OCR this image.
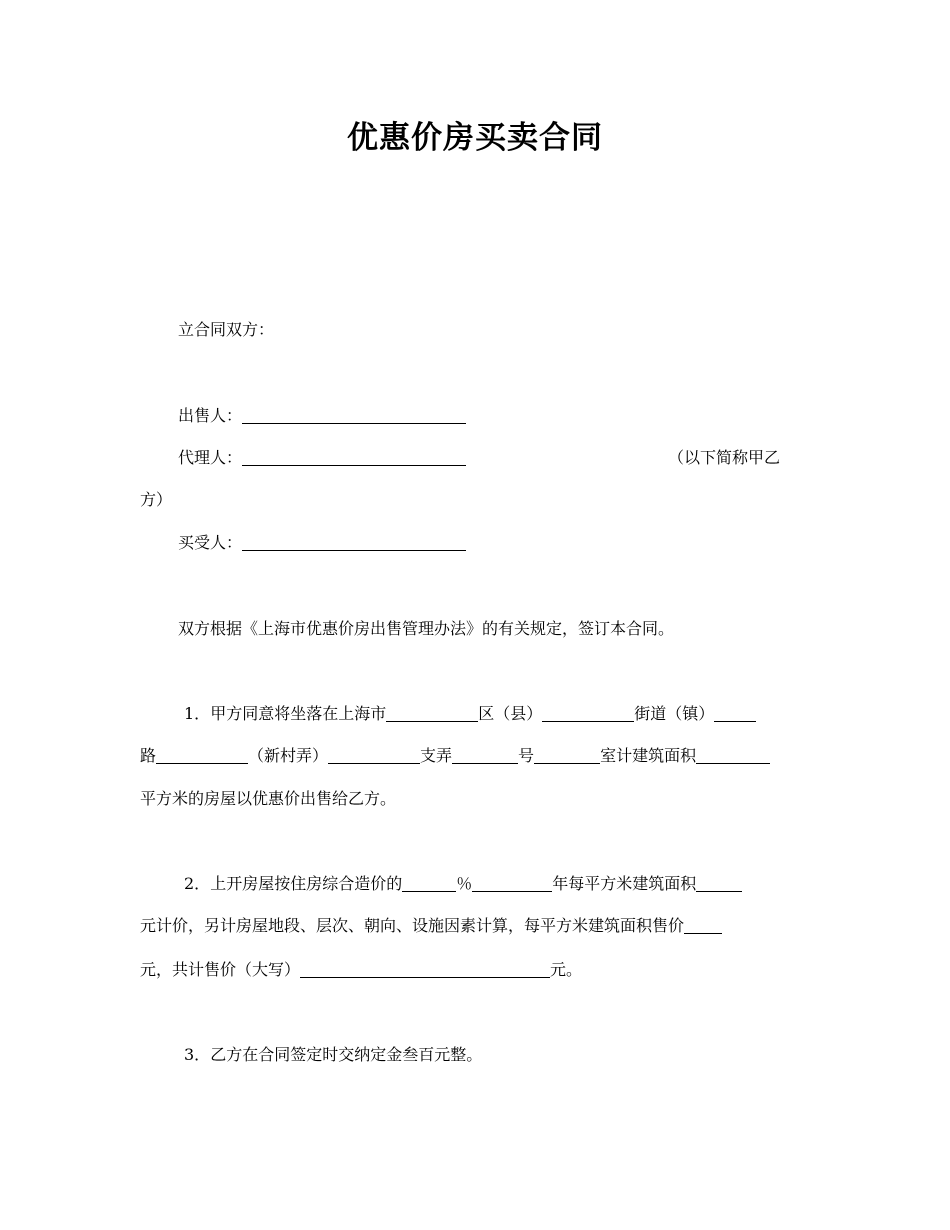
优惠价房买卖合同
立合同双方：
出售人：
代理人：	（以下简称甲乙
方）
买受人：
双方根据《上海市优惠价房出售管理办法》的有关规定，签订本合同。
1．甲方同意将坐落在上海市	区（县）	街道（镇）
路	（新村弄）	支弄	号	室计建筑面积
平方米的房屋以优惠价出售给乙方。
2．上开房屋按住房综合造价的	％	年每平方米建筑面积
元计价，另计房屋地段、层次、朝向、设施因素计算，每平方米建筑面积售价
元，共计售价（大写）	元。
3．乙方在合同签定时交纳定金叁百元整。
